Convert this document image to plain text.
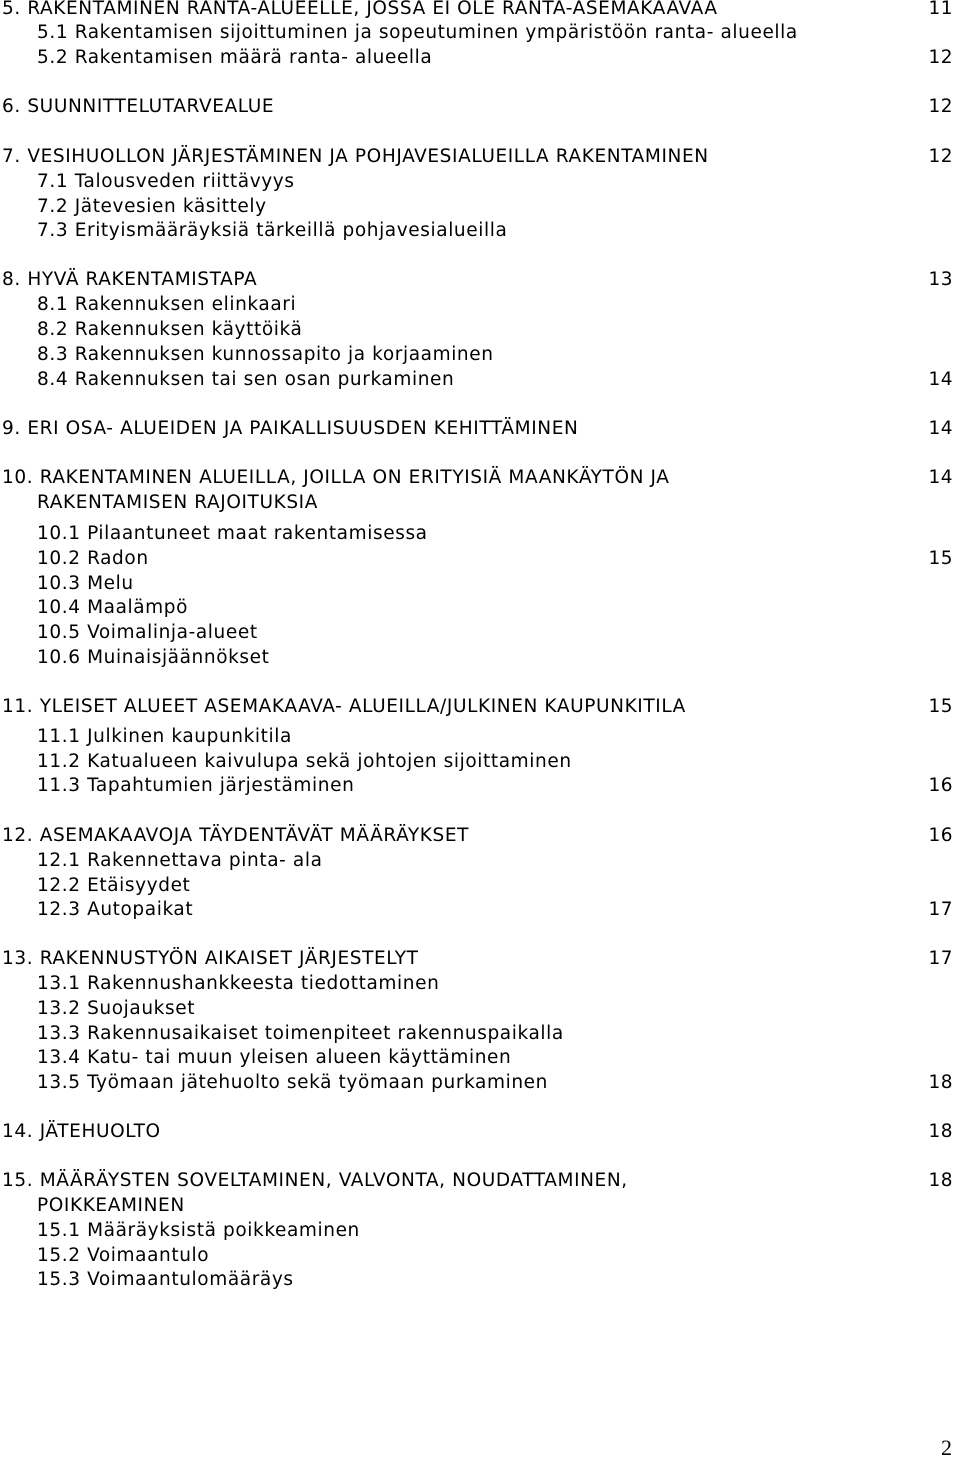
5. RAKENTAMINEN RANTA-ALUEELLE, JOSSA EI OLE RANTA-ASEMAKAAVAA	11
5.1 Rakentamisen sijoittuminen ja sopeutuminen ympäristöön ranta- alueella
5.2 Rakentamisen määrä ranta- alueella	12
6. SUUNNITTELUTARVEALUE	12
7. VESIHUOLLON JÄRJESTÄMINEN JA POHJAVESIALUEILLA RAKENTAMINEN	12
7.1 Talousveden riittävyys
7.2 Jätevesien käsittely
7.3 Erityismääräyksiä tärkeillä pohjavesialueilla
8. HYVÄ RAKENTAMISTAPA	13
8.1 Rakennuksen elinkaari
8.2 Rakennuksen käyttöikä
8.3 Rakennuksen kunnossapito ja korjaaminen
8.4 Rakennuksen tai sen osan purkaminen	14
9. ERI OSA- ALUEIDEN JA PAIKALLISUUSDEN KEHITTÄMINEN	14
10. RAKENTAMINEN ALUEILLA, JOILLA ON ERITYISIÄ MAANKÄYTÖN JA	14
RAKENTAMISEN RAJOITUKSIA
10.1 Pilaantuneet maat rakentamisessa
10.2 Radon	15
10.3 Melu
10.4 Maalämpö
10.5 Voimalinja-alueet
10.6 Muinaisjäännökset
11. YLEISET ALUEET ASEMAKAAVA- ALUEILLA/JULKINEN KAUPUNKITILA	15
11.1 Julkinen kaupunkitila
11.2 Katualueen kaivulupa sekä johtojen sijoittaminen
11.3 Tapahtumien järjestäminen	16
12. ASEMAKAAVOJA TÄYDENTÄVÄT MÄÄRÄYKSET	16
12.1 Rakennettava pinta- ala
12.2 Etäisyydet
12.3 Autopaikat	17
13. RAKENNUSTYÖN AIKAISET JÄRJESTELYT	17
13.1 Rakennushankkeesta tiedottaminen
13.2 Suojaukset
13.3 Rakennusaikaiset toimenpiteet rakennuspaikalla
13.4 Katu- tai muun yleisen alueen käyttäminen
13.5 Työmaan jätehuolto sekä työmaan purkaminen	18
14. JÄTEHUOLTO	18
15. MÄÄRÄYSTEN SOVELTAMINEN, VALVONTA, NOUDATTAMINEN,	18
POIKKEAMINEN
15.1 Määräyksistä poikkeaminen
15.2 Voimaantulo
15.3 Voimaantulomääräys
2
